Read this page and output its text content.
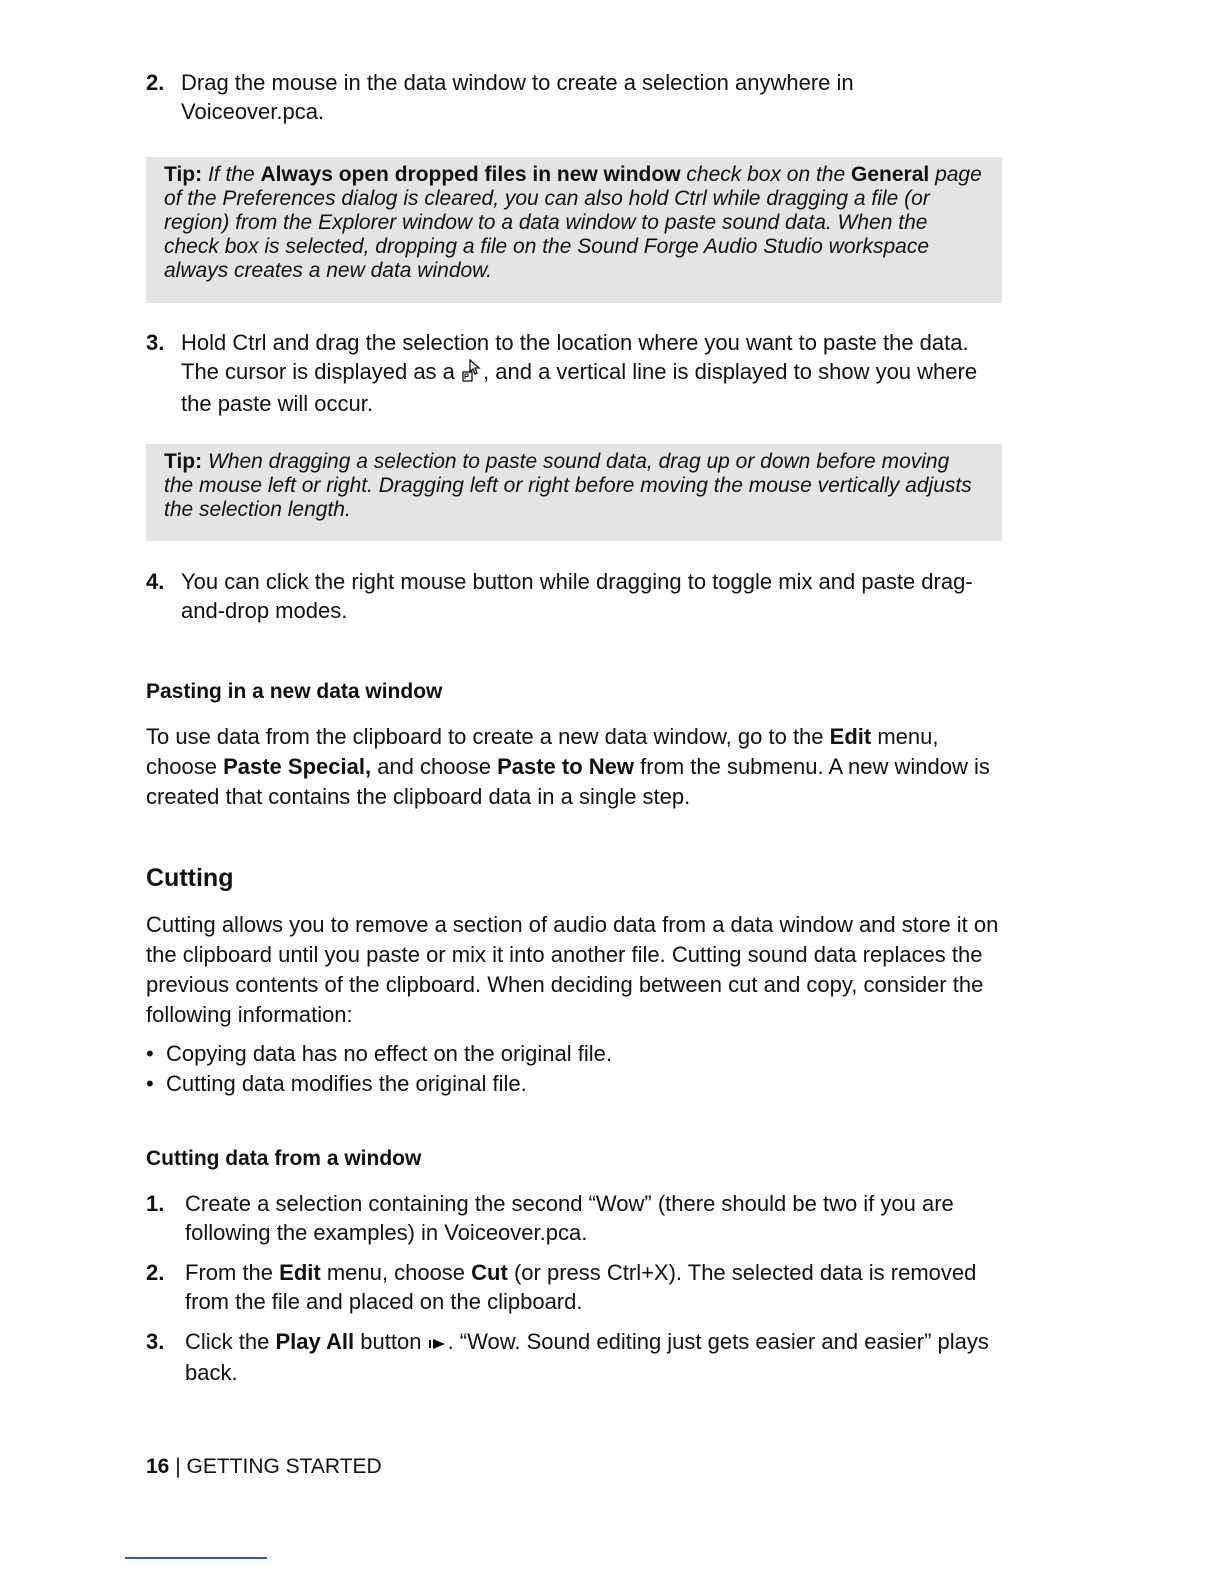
2. Drag the mouse in the data window to create a selection anywhere in
Voiceover.pca.
Tip: If the Always open dropped files in new window check box on the General page of the Preferences dialog is cleared, you can also hold Ctrl while dragging a file (or region) from the Explorer window to a data window to paste sound data. When the check box is selected, dropping a file on the Sound Forge Audio Studio workspace always creates a new data window.
3. Hold Ctrl and drag the selection to the location where you want to paste the data.
The cursor is displayed as a , and a vertical line is displayed to show you where
the paste will occur.
Tip: When dragging a selection to paste sound data, drag up or down before moving the mouse left or right. Dragging left or right before moving the mouse vertically adjusts the selection length.
4. You can click the right mouse button while dragging to toggle mix and paste drag-
and-drop modes.
Pasting in a new data window
To use data from the clipboard to create a new data window, go to the Edit menu,
choose Paste Special, and choose Paste to New from the submenu. A new window is
created that contains the clipboard data in a single step.
Cutting
Cutting allows you to remove a section of audio data from a data window and store it on the clipboard until you paste or mix it into another file. Cutting sound data replaces the previous contents of the clipboard. When deciding between cut and copy, consider the following information:
• Copying data has no effect on the original file.
• Cutting data modifies the original file.
Cutting data from a window
1. Create a selection containing the second “Wow” (there should be two if you are
following the examples) in Voiceover.pca.
2. From the Edit menu, choose Cut (or press Ctrl+X). The selected data is removed
from the file and placed on the clipboard.
3. Click the Play All button . “Wow. Sound editing just gets easier and easier” plays
back.
16 | GETTING STARTED
